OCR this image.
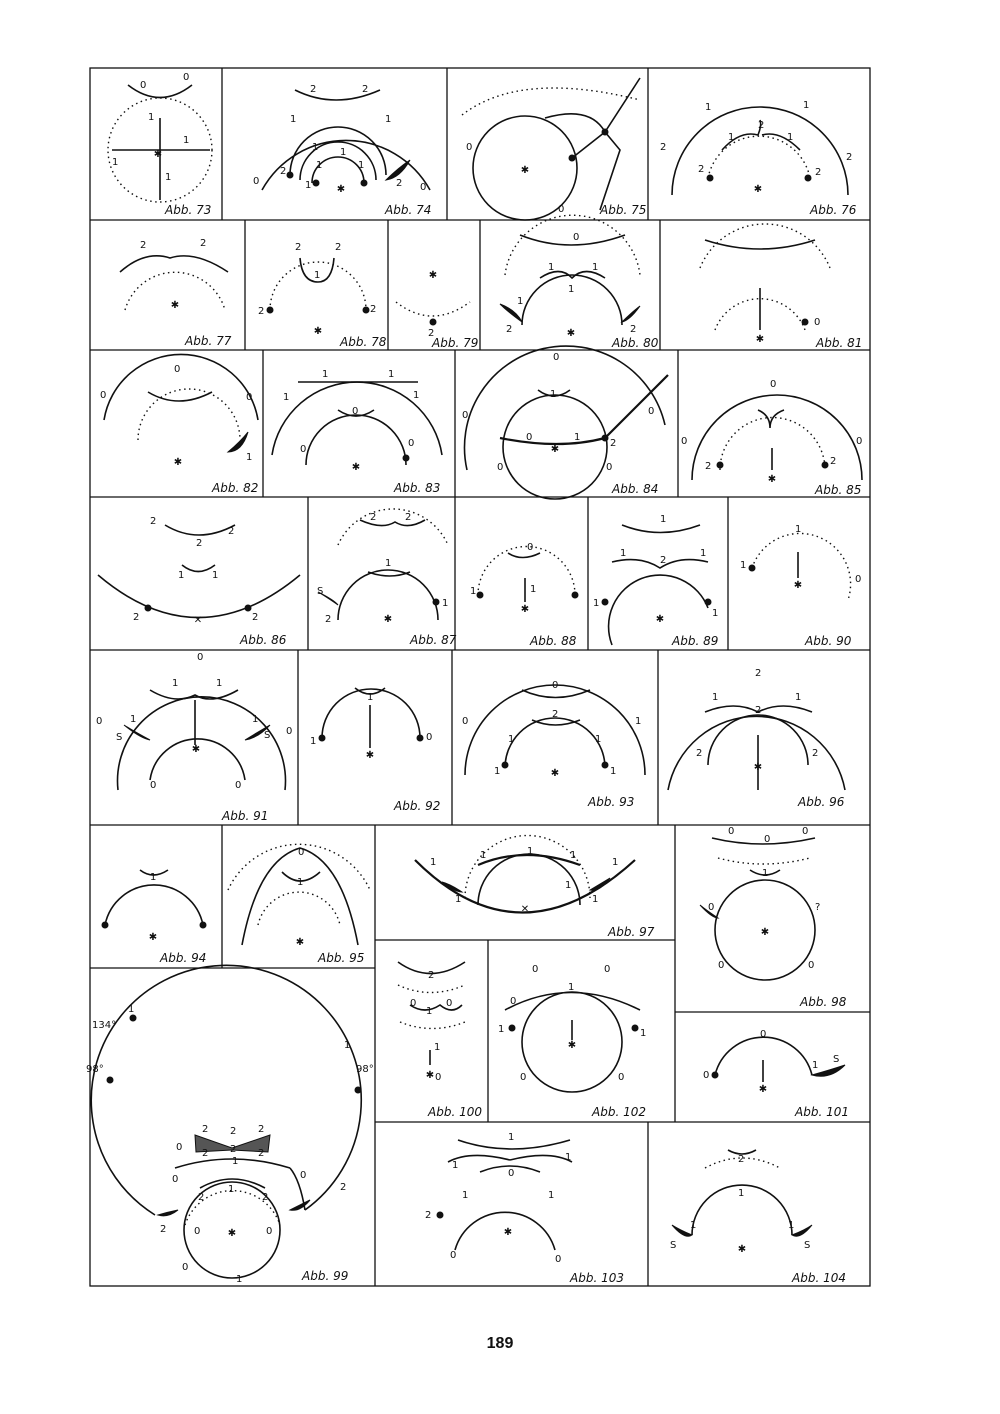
✱
0
0
1
1
1
1
Abb. 73
✱
2	2
1	1
1 1
1	1
2
1	2
0
0
Abb. 74
✱
0
0	Abb. 75
✱
1	1
2
1	1
2
2
2	2
Abb. 76
✱
2	2
Abb. 77
✱
2	2
1
2	2
Abb. 78
✱
2
Abb. 79
✱
0
1	1
1
1
2	2
Abb. 80	✱
0
Abb. 81
✱
0
0	0
1
Abb. 82
✱
1	1
1	1
0
0
0
Abb. 83
✱
0
0
1
0
0	1
2
0	0
Abb. 84
✱
0
0	0
2	2
Abb. 85
✕
2
2
2
1	1
2	2
Abb. 86
✱
2	2
1
S
2
1
Abb. 87
✱
0
1
1
Abb. 88
✱
1
1
2
1
1
1
Abb. 89
✱
1
1
0
Abb. 90
✱
0
1	1
0
S	S
1	1
0
0	0
Abb. 91
✱
1
1	0
Abb. 92
✱
0
2
0	1
1	1
1	1
Abb. 93
✱
2
1
2
1
2	2
Abb. 96
✱
1
Abb. 94
✱
0
1
Abb. 95
✕
1
1	1	1
1
1	1
1
Abb. 97	✱
0
0
0
1
0	?
0	0
Abb. 98
✱
134°
1
98°	98°
1
2 2 2
0
2 2 2
1
0	0
2
2
1
2
2	0	0
0
1	Abb. 99
✱
2
0
1
0
1
0
Abb. 100
✱
0	0
1
0
1	1
0	0
Abb. 102
✱
0
0
1
S
Abb. 101
✱
1
1
1
0
1	1
2
0	0
Abb. 103
✱
2
1
1	1
S	S
Abb. 104
189
